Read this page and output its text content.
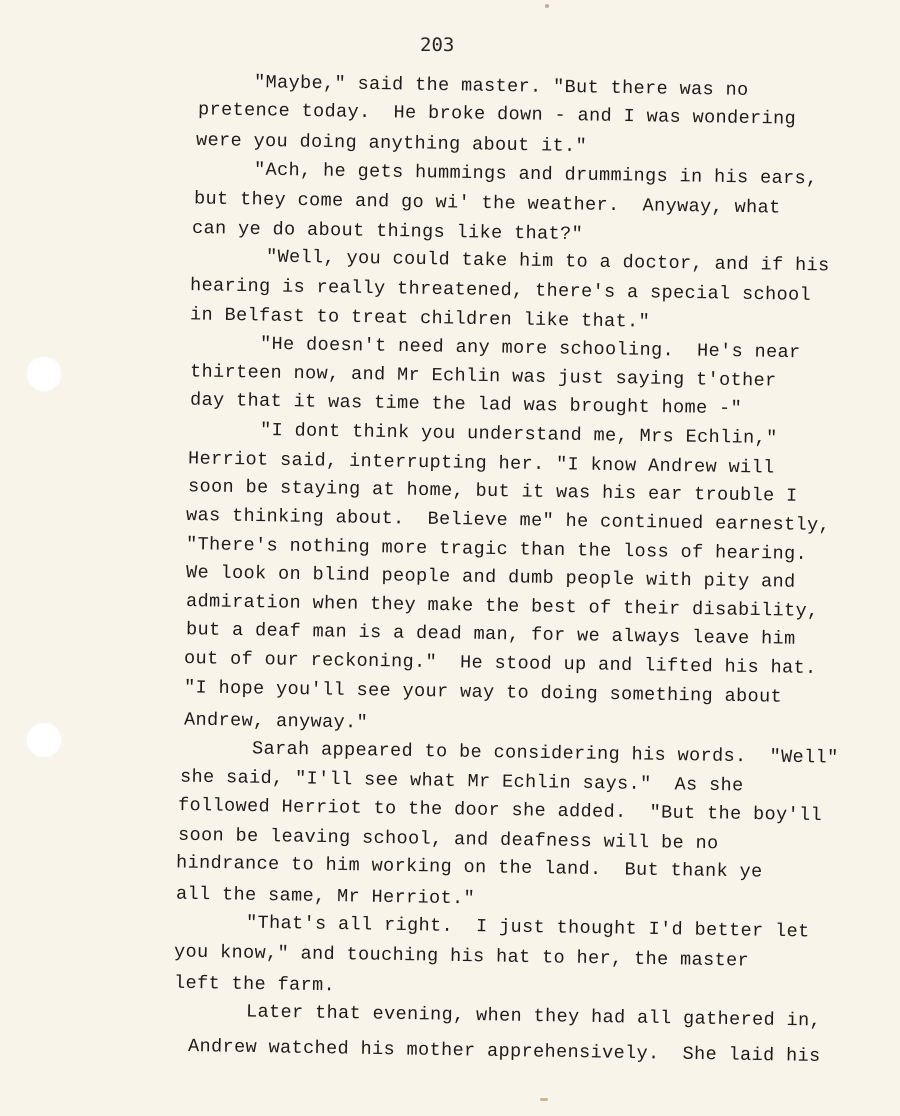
203

"Maybe," said the master. "But there was no

pretence today.  He broke down - and I was wondering

were you doing anything about it."

"Ach, he gets hummings and drummings in his ears,

but they come and go wi' the weather.  Anyway, what

can ye do about things like that?"

"Well, you could take him to a doctor, and if his

hearing is really threatened, there's a special school

in Belfast to treat children like that."

"He doesn't need any more schooling.  He's near

thirteen now, and Mr Echlin was just saying t'other

day that it was time the lad was brought home -"

"I dont think you understand me, Mrs Echlin,"

Herriot said, interrupting her. "I know Andrew will

soon be staying at home, but it was his ear trouble I

was thinking about.  Believe me" he continued earnestly,

"There's nothing more tragic than the loss of hearing.

We look on blind people and dumb people with pity and

admiration when they make the best of their disability,

but a deaf man is a dead man, for we always leave him

out of our reckoning."  He stood up and lifted his hat.

"I hope you'll see your way to doing something about

Andrew, anyway."

Sarah appeared to be considering his words.  "Well"

she said, "I'll see what Mr Echlin says."  As she

followed Herriot to the door she added.  "But the boy'll

soon be leaving school, and deafness will be no

hindrance to him working on the land.  But thank ye

all the same, Mr Herriot."

"That's all right.  I just thought I'd better let

you know," and touching his hat to her, the master

left the farm.

Later that evening, when they had all gathered in,

Andrew watched his mother apprehensively.  She laid his
